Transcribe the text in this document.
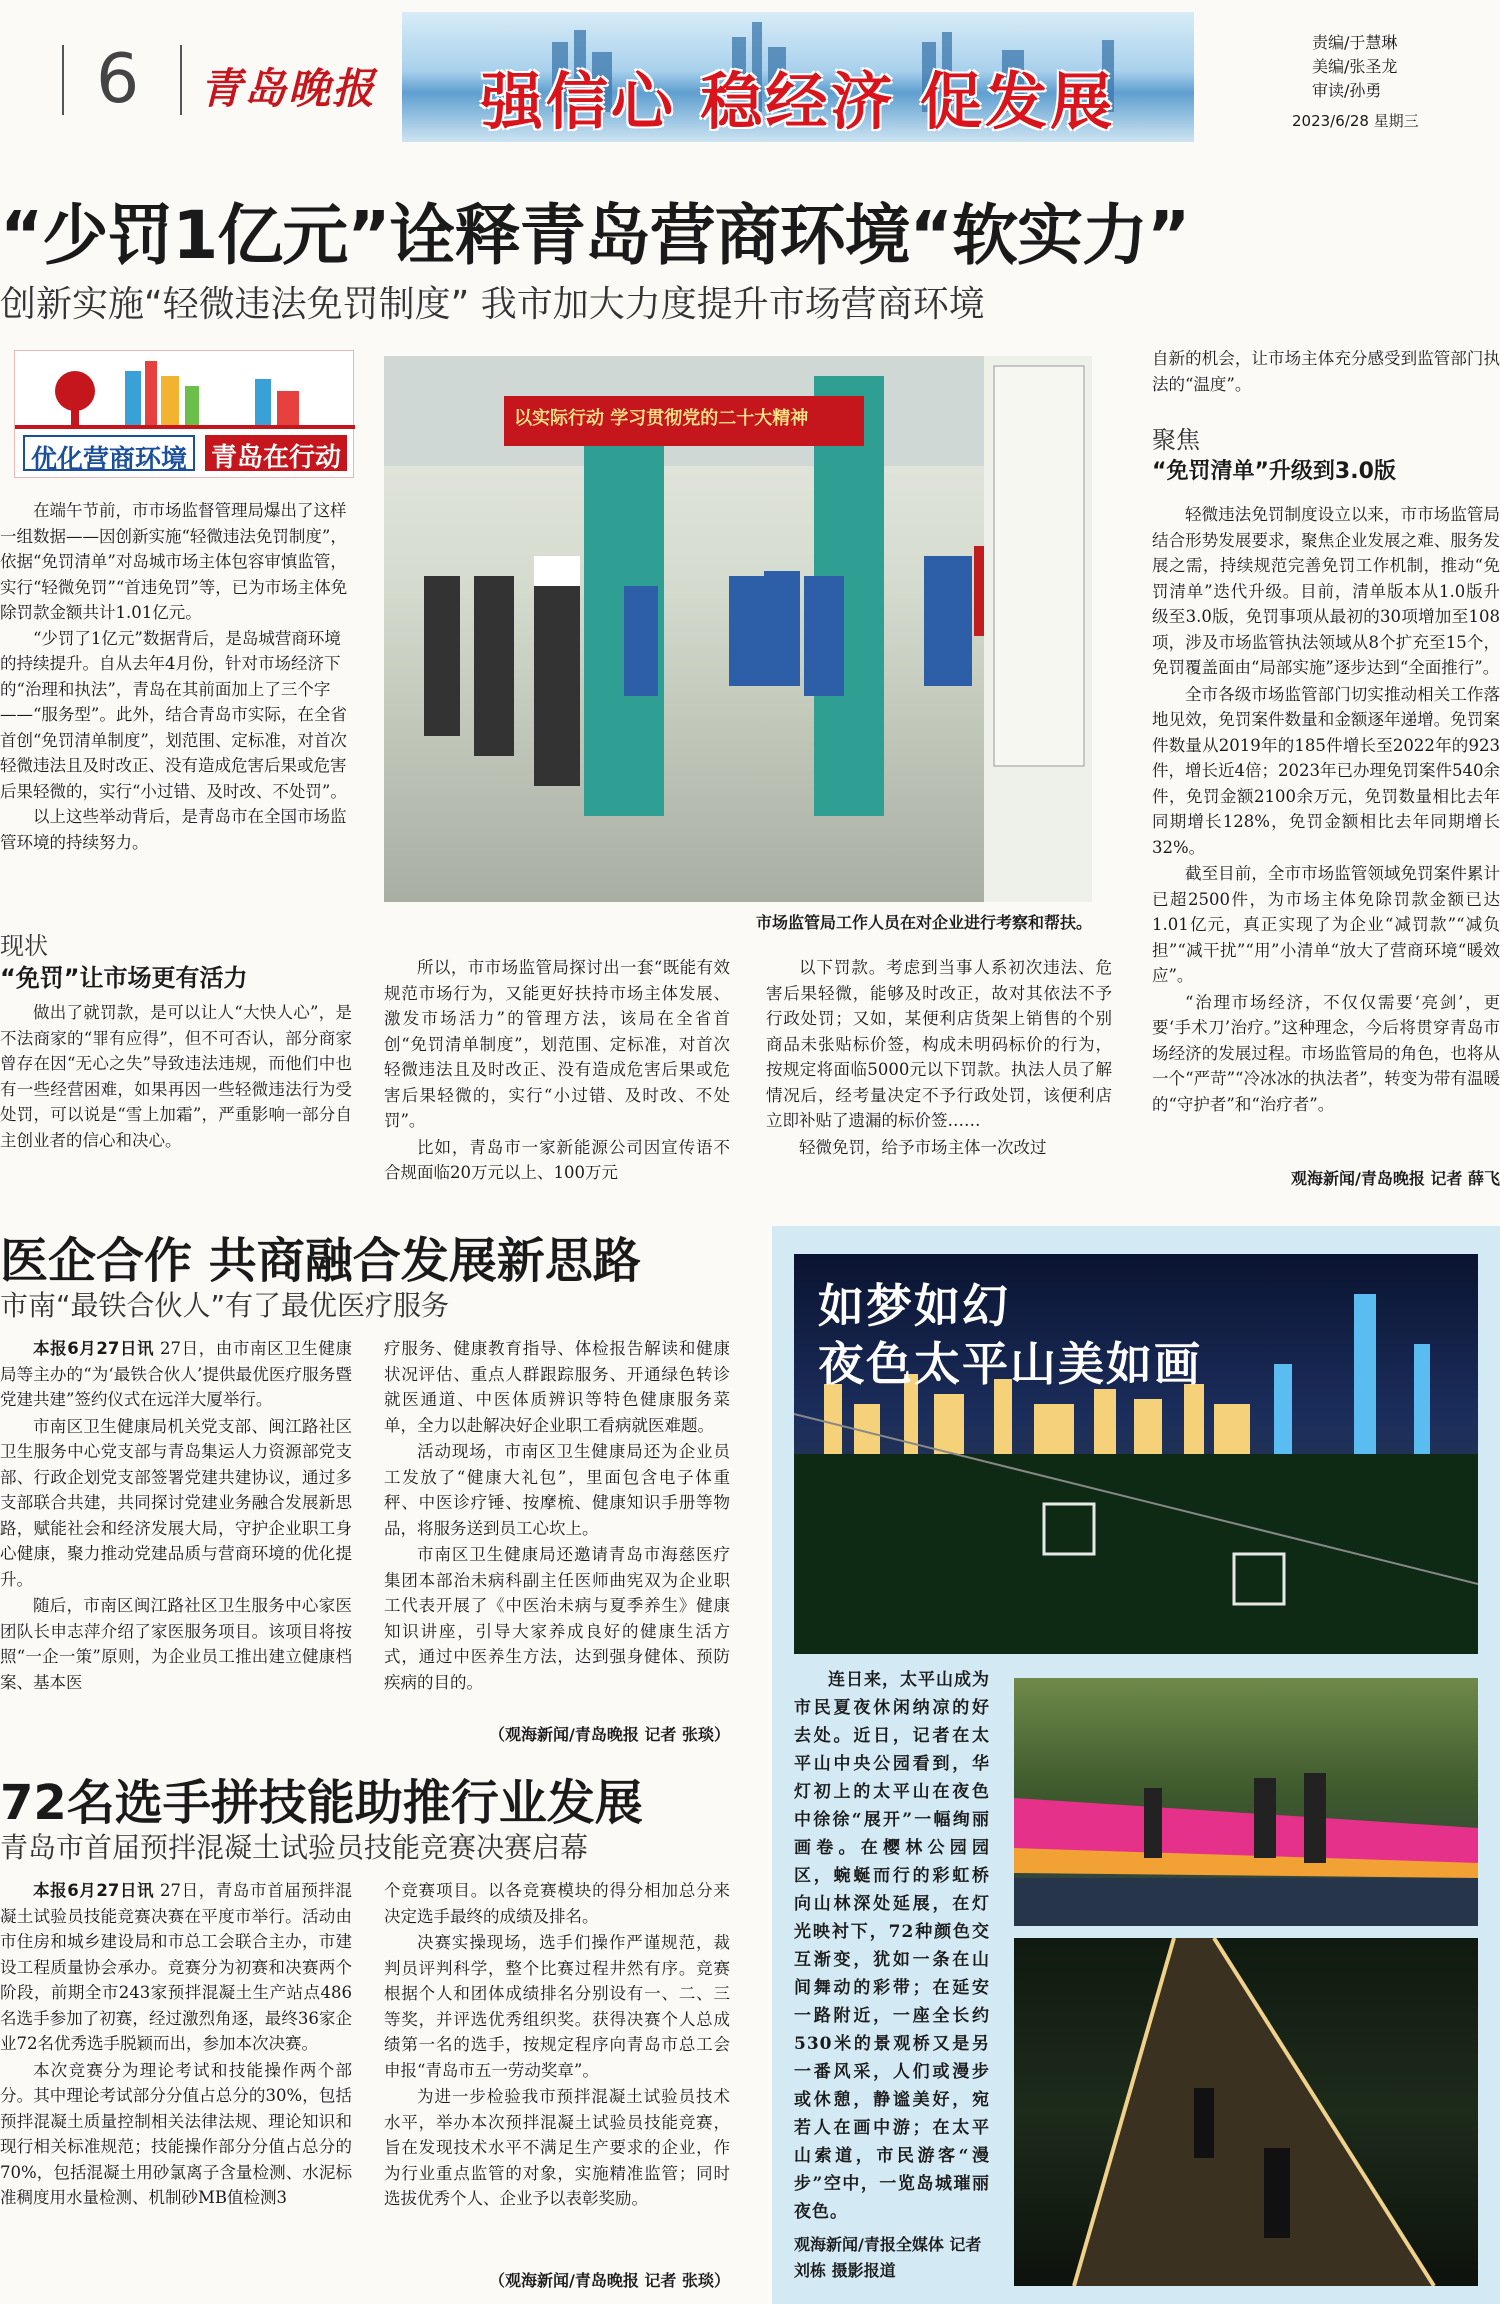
6 青岛晚报	强信心 稳经济 促发展
责编/于慧琳
美编/张圣龙
审读/孙勇
2023/6/28 星期三
“少罚1亿元”诠释青岛营商环境“软实力”
创新实施“轻微违法免罚制度” 我市加大力度提升市场营商环境
优化营商环境 青岛在行动

在端午节前，市市场监督管理局爆出了这样一组数据——因创新实施“轻微违法免罚制度”，依据“免罚清单”对岛城市场主体包容审慎监管，实行“轻微免罚”“首违免罚”等，已为市场主体免除罚款金额共计1.01亿元。

“少罚了1亿元”数据背后，是岛城营商环境的持续提升。自从去年4月份，针对市场经济下的“治理和执法”，青岛在其前面加上了三个字——“服务型”。此外，结合青岛市实际，在全省首创“免罚清单制度”，划范围、定标准，对首次轻微违法且及时改正、没有造成危害后果或危害后果轻微的，实行“小过错、及时改、不处罚”。

以上这些举动背后，是青岛市在全国市场监管环境的持续努力。

以实际行动 学习贯彻党的二十大精神
市场监管局工作人员在对企业进行考察和帮扶。
现状
“免罚”让市场更有活力

做出了就罚款，是可以让人“大快人心”，是不法商家的“罪有应得”，但不可否认，部分商家曾存在因“无心之失”导致违法违规，而他们中也有一些经营困难，如果再因一些轻微违法行为受处罚，可以说是“雪上加霜”，严重影响一部分自主创业者的信心和决心。

所以，市市场监管局探讨出一套“既能有效规范市场行为，又能更好扶持市场主体发展、激发市场活力”的管理方法，该局在全省首创“免罚清单制度”，划范围、定标准，对首次轻微违法且及时改正、没有造成危害后果或危害后果轻微的，实行“小过错、及时改、不处罚”。

比如，青岛市一家新能源公司因宣传语不合规面临20万元以上、100万元

以下罚款。考虑到当事人系初次违法、危害后果轻微，能够及时改正，故对其依法不予行政处罚；又如，某便利店货架上销售的个别商品未张贴标价签，构成未明码标价的行为，按规定将面临5000元以下罚款。执法人员了解情况后，经考量决定不予行政处罚，该便利店立即补贴了遗漏的标价签……

轻微免罚，给予市场主体一次改过

自新的机会，让市场主体充分感受到监管部门执法的“温度”。

聚焦
“免罚清单”升级到3.0版

轻微违法免罚制度设立以来，市市场监管局结合形势发展要求，聚焦企业发展之难、服务发展之需，持续规范完善免罚工作机制，推动“免罚清单”迭代升级。目前，清单版本从1.0版升级至3.0版，免罚事项从最初的30项增加至108项，涉及市场监管执法领域从8个扩充至15个，免罚覆盖面由“局部实施”逐步达到“全面推行”。

全市各级市场监管部门切实推动相关工作落地见效，免罚案件数量和金额逐年递增。免罚案件数量从2019年的185件增长至2022年的923件，增长近4倍；2023年已办理免罚案件540余件，免罚金额2100余万元，免罚数量相比去年同期增长128%，免罚金额相比去年同期增长32%。

截至目前，全市市场监管领域免罚案件累计已超2500件，为市场主体免除罚款金额已达1.01亿元，真正实现了为企业“减罚款”“减负担”“减干扰”“用”小清单“放大了营商环境“暖效应”。

“治理市场经济，不仅仅需要‘亮剑’，更要‘手术刀’治疗。”这种理念，今后将贯穿青岛市场经济的发展过程。市场监管局的角色，也将从一个“严苛”“冷冰冰的执法者”，转变为带有温暖的“守护者”和“治疗者”。

观海新闻/青岛晚报 记者 薛飞
医企合作 共商融合发展新思路
市南“最铁合伙人”有了最优医疗服务

本报6月27日讯 27日，由市南区卫生健康局等主办的“为‘最铁合伙人’提供最优医疗服务暨党建共建”签约仪式在远洋大厦举行。

市南区卫生健康局机关党支部、闽江路社区卫生服务中心党支部与青岛集运人力资源部党支部、行政企划党支部签署党建共建协议，通过多支部联合共建，共同探讨党建业务融合发展新思路，赋能社会和经济发展大局，守护企业职工身心健康，聚力推动党建品质与营商环境的优化提升。

随后，市南区闽江路社区卫生服务中心家医团队长申志萍介绍了家医服务项目。该项目将按照“一企一策”原则，为企业员工推出建立健康档案、基本医

疗服务、健康教育指导、体检报告解读和健康状况评估、重点人群跟踪服务、开通绿色转诊就医通道、中医体质辨识等特色健康服务菜单，全力以赴解决好企业职工看病就医难题。

活动现场，市南区卫生健康局还为企业员工发放了“健康大礼包”，里面包含电子体重秤、中医诊疗锤、按摩梳、健康知识手册等物品，将服务送到员工心坎上。

市南区卫生健康局还邀请青岛市海慈医疗集团本部治未病科副主任医师曲宪双为企业职工代表开展了《中医治未病与夏季养生》健康知识讲座，引导大家养成良好的健康生活方式，通过中医养生方法，达到强身健体、预防疾病的目的。

（观海新闻/青岛晚报 记者 张琰）
72名选手拼技能助推行业发展
青岛市首届预拌混凝土试验员技能竞赛决赛启幕

本报6月27日讯 27日，青岛市首届预拌混凝土试验员技能竞赛决赛在平度市举行。活动由市住房和城乡建设局和市总工会联合主办，市建设工程质量协会承办。竞赛分为初赛和决赛两个阶段，前期全市243家预拌混凝土生产站点486名选手参加了初赛，经过激烈角逐，最终36家企业72名优秀选手脱颖而出，参加本次决赛。

本次竞赛分为理论考试和技能操作两个部分。其中理论考试部分分值占总分的30%，包括预拌混凝土质量控制相关法律法规、理论知识和现行相关标准规范；技能操作部分分值占总分的70%，包括混凝土用砂氯离子含量检测、水泥标准稠度用水量检测、机制砂MB值检测3

个竞赛项目。以各竞赛模块的得分相加总分来决定选手最终的成绩及排名。

决赛实操现场，选手们操作严谨规范，裁判员评判科学，整个比赛过程井然有序。竞赛根据个人和团体成绩排名分别设有一、二、三等奖，并评选优秀组织奖。获得决赛个人总成绩第一名的选手，按规定程序向青岛市总工会申报“青岛市五一劳动奖章”。

为进一步检验我市预拌混凝土试验员技术水平，举办本次预拌混凝土试验员技能竞赛，旨在发现技术水平不满足生产要求的企业，作为行业重点监管的对象，实施精准监管；同时选拔优秀个人、企业予以表彰奖励。

（观海新闻/青岛晚报 记者 张琰）
如梦如幻
夜色太平山美如画

连日来，太平山成为市民夏夜休闲纳凉的好去处。近日，记者在太平山中央公园看到，华灯初上的太平山在夜色中徐徐“展开”一幅绚丽画卷。在樱林公园园区，蜿蜒而行的彩虹桥向山林深处延展，在灯光映衬下，72种颜色交互渐变，犹如一条在山间舞动的彩带；在延安一路附近，一座全长约530米的景观桥又是另一番风采，人们或漫步或休憩，静谧美好，宛若人在画中游；在太平山索道，市民游客“漫步”空中，一览岛城璀丽夜色。

观海新闻/青报全媒体 记者 刘栋 摄影报道
